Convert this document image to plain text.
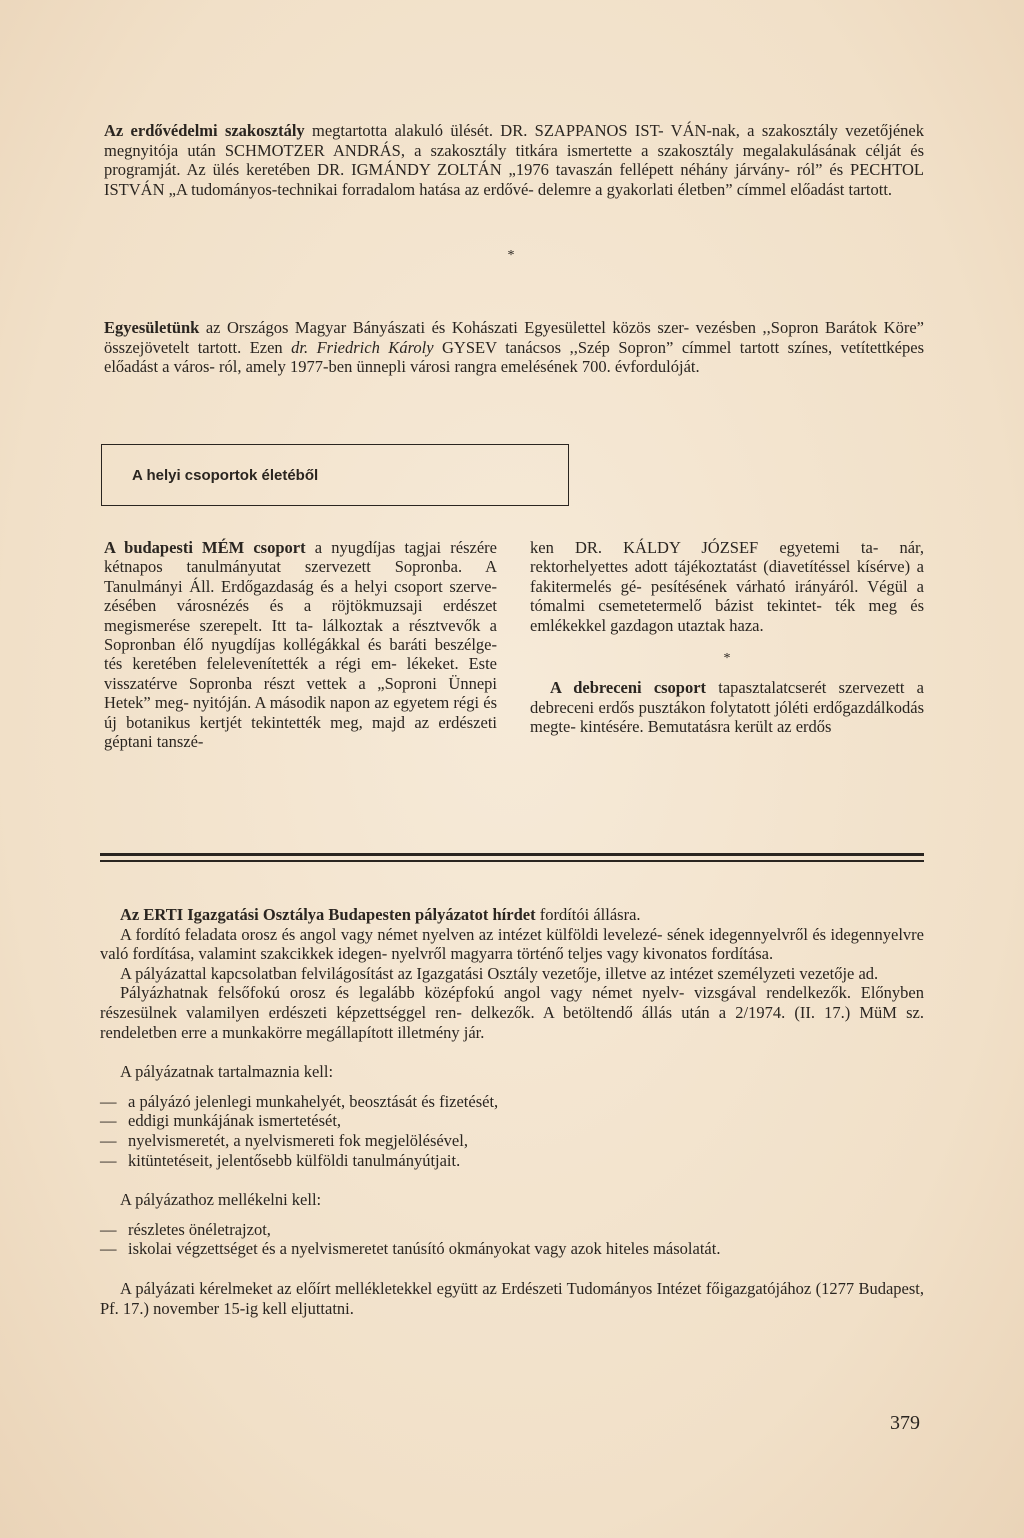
Az erdővédelmi szakosztály megtartotta alakuló ülését. DR. SZAPPANOS IST- VÁN-nak, a szakosztály vezetőjének megnyitója után SCHMOTZER ANDRÁS, a szakosztály titkára ismertette a szakosztály megalakulásának célját és programját. Az ülés keretében DR. IGMÁNDY ZOLTÁN „1976 tavaszán fellépett néhány járvány- ról” és PECHTOL ISTVÁN „A tudományos-technikai forradalom hatása az erdővé- delemre a gyakorlati életben” címmel előadást tartott.
*
Egyesületünk az Országos Magyar Bányászati és Kohászati Egyesülettel közös szer- vezésben ,,Sopron Barátok Köre” összejövetelt tartott. Ezen dr. Friedrich Károly GYSEV tanácsos ,,Szép Sopron” címmel tartott színes, vetítettképes előadást a város- ról, amely 1977-ben ünnepli városi rangra emelésének 700. évfordulóját.
A helyi csoportok életéből
A budapesti MÉM csoport a nyugdíjas tagjai részére kétnapos tanulmányutat szervezett Sopronba. A Tanulmányi Áll. Erdőgazdaság és a helyi csoport szerve- zésében városnézés és a röjtökmuzsaji erdészet megismerése szerepelt. Itt ta- lálkoztak a résztvevők a Sopronban élő nyugdíjas kollégákkal és baráti beszélge- tés keretében felelevenítették a régi em- lékeket. Este visszatérve Sopronba részt vettek a „Soproni Ünnepi Hetek” meg- nyitóján. A második napon az egyetem régi és új botanikus kertjét tekintették meg, majd az erdészeti géptani tanszé-

ken DR. KÁLDY JÓZSEF egyetemi ta- nár, rektorhelyettes adott tájékoztatást (diavetítéssel kísérve) a fakitermelés gé- pesítésének várható irányáról. Végül a tómalmi csemetetermelő bázist tekintet- ték meg és emlékekkel gazdagon utaztak haza.

*

A debreceni csoport tapasztalatcserét szervezett a debreceni erdős pusztákon folytatott jóléti erdőgazdálkodás megte- kintésére. Bemutatásra került az erdős

Az ERTI Igazgatási Osztálya Budapesten pályázatot hírdet fordítói állásra.

A fordító feladata orosz és angol vagy német nyelven az intézet külföldi levelezé- sének idegennyelvről és idegennyelvre való fordítása, valamint szakcikkek idegen- nyelvről magyarra történő teljes vagy kivonatos fordítása.

A pályázattal kapcsolatban felvilágosítást az Igazgatási Osztály vezetője, illetve az intézet személyzeti vezetője ad.

Pályázhatnak felsőfokú orosz és legalább középfokú angol vagy német nyelv- vizsgával rendelkezők. Előnyben részesülnek valamilyen erdészeti képzettséggel ren- delkezők. A betöltendő állás után a 2/1974. (II. 17.) MüM sz. rendeletben erre a munkakörre megállapított illetmény jár.

A pályázatnak tartalmaznia kell:

— a pályázó jelenlegi munkahelyét, beosztását és fizetését,
— eddigi munkájának ismertetését,
— nyelvismeretét, a nyelvismereti fok megjelölésével,
— kitüntetéseit, jelentősebb külföldi tanulmányútjait.

A pályázathoz mellékelni kell:

— részletes önéletrajzot,
— iskolai végzettséget és a nyelvismeretet tanúsító okmányokat vagy azok hiteles másolatát.

A pályázati kérelmeket az előírt mellékletekkel együtt az Erdészeti Tudományos Intézet főigazgatójához (1277 Budapest, Pf. 17.) november 15-ig kell eljuttatni.

379
